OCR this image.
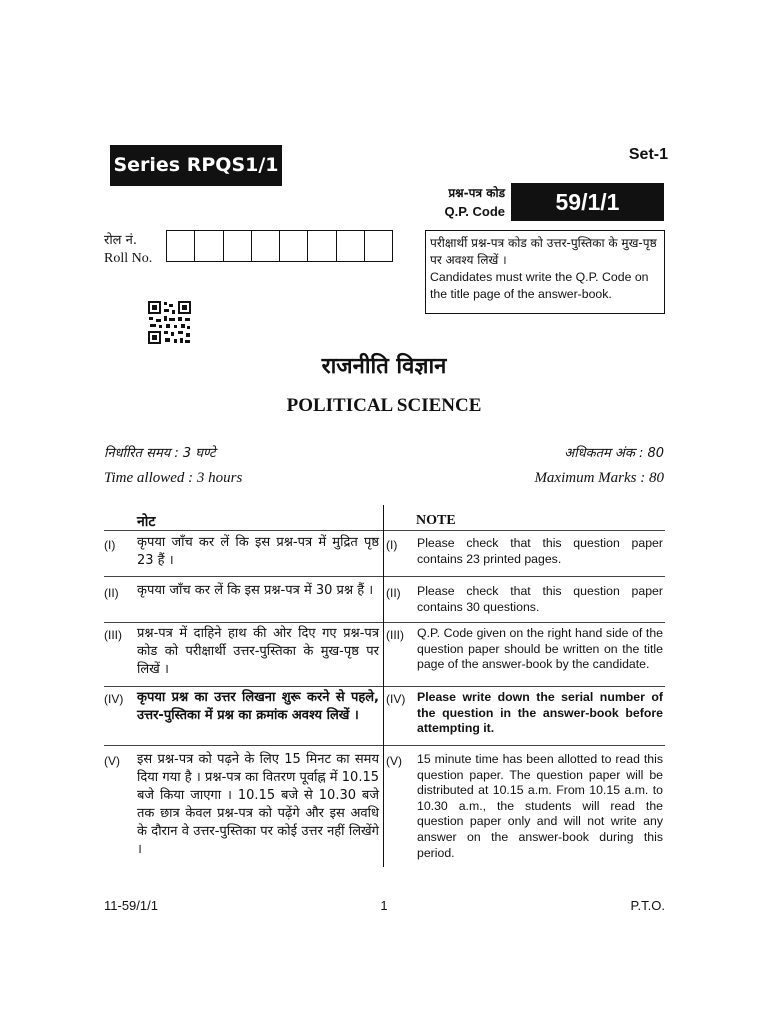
Series RPQS1/1	Set-1
प्रश्न-पत्र कोड
Q.P. Code	59/1/1
रोल नं.
Roll No.
परीक्षार्थी प्रश्न-पत्र कोड को उत्तर-पुस्तिका के मुख-पृष्ठ पर अवश्य लिखें ।
Candidates must write the Q.P. Code on the title page of the answer-book.
राजनीति विज्ञान
POLITICAL SCIENCE
निर्धारित समय : 3 घण्टे
Time allowed : 3 hours
अधिकतम अंक : 80
Maximum Marks : 80
नोट	NOTE
(I) कृपया जाँच कर लें कि इस प्रश्न-पत्र में मुद्रित पृष्ठ 23 हैं ।
(I) Please check that this question paper contains 23 printed pages.
(II) कृपया जाँच कर लें कि इस प्रश्न-पत्र में 30 प्रश्न हैं ।	(II) Please check that this question paper contains 30 questions.
(III) प्रश्न-पत्र में दाहिने हाथ की ओर दिए गए प्रश्न-पत्र कोड को परीक्षार्थी उत्तर-पुस्तिका के मुख-पृष्ठ पर लिखें ।
(III) Q.P. Code given on the right hand side of the question paper should be written on the title page of the answer-book by the candidate.
(IV) कृपया प्रश्न का उत्तर लिखना शुरू करने से पहले, उत्तर-पुस्तिका में प्रश्न का क्रमांक अवश्य लिखें ।
(IV) Please write down the serial number of the question in the answer-book before attempting it.
(V) इस प्रश्न-पत्र को पढ़ने के लिए 15 मिनट का समय दिया गया है । प्रश्न-पत्र का वितरण पूर्वाह्न में 10.15 बजे किया जाएगा । 10.15 बजे से 10.30 बजे तक छात्र केवल प्रश्न-पत्र को पढ़ेंगे और इस अवधि के दौरान वे उत्तर-पुस्तिका पर कोई उत्तर नहीं लिखेंगे ।
(V) 15 minute time has been allotted to read this question paper. The question paper will be distributed at 10.15 a.m. From 10.15 a.m. to 10.30 a.m., the students will read the question paper only and will not write any answer on the answer-book during this period.
11-59/1/1	1	P.T.O.
